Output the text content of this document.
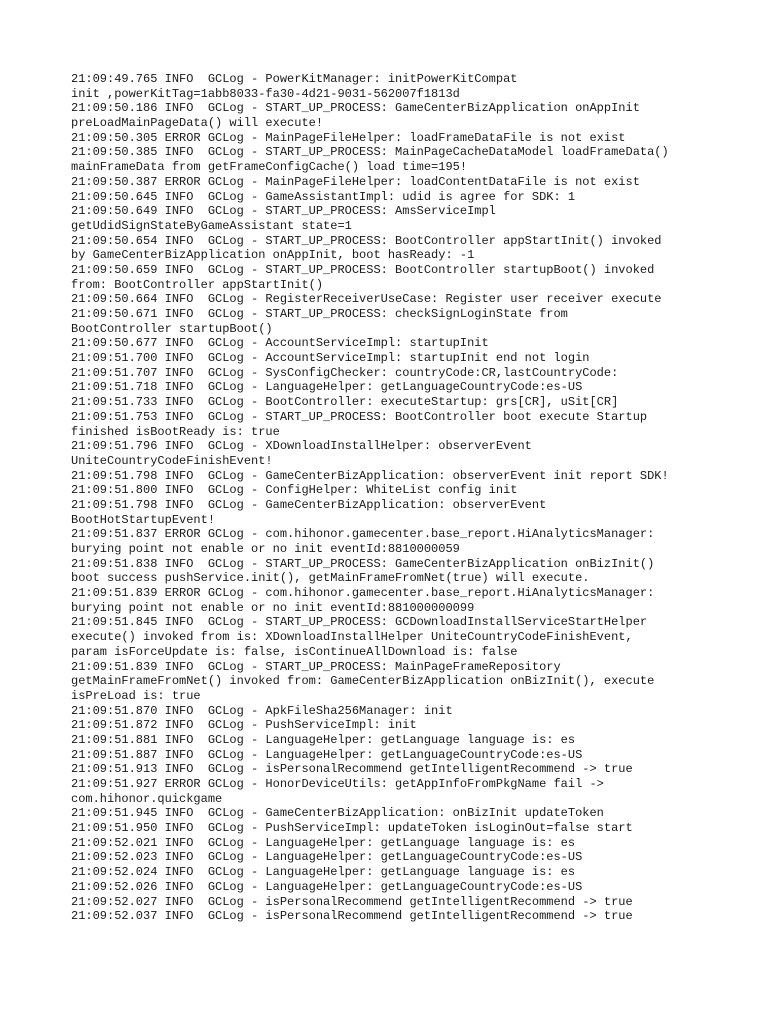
21:09:49.765 INFO  GCLog - PowerKitManager: initPowerKitCompat
init ,powerKitTag=1abb8033-fa30-4d21-9031-562007f1813d
21:09:50.186 INFO  GCLog - START_UP_PROCESS: GameCenterBizApplication onAppInit
preLoadMainPageData() will execute!
21:09:50.305 ERROR GCLog - MainPageFileHelper: loadFrameDataFile is not exist
21:09:50.385 INFO  GCLog - START_UP_PROCESS: MainPageCacheDataModel loadFrameData()
mainFrameData from getFrameConfigCache() load time=195!
21:09:50.387 ERROR GCLog - MainPageFileHelper: loadContentDataFile is not exist
21:09:50.645 INFO  GCLog - GameAssistantImpl: udid is agree for SDK: 1
21:09:50.649 INFO  GCLog - START_UP_PROCESS: AmsServiceImpl
getUdidSignStateByGameAssistant state=1
21:09:50.654 INFO  GCLog - START_UP_PROCESS: BootController appStartInit() invoked
by GameCenterBizApplication onAppInit, boot hasReady: -1
21:09:50.659 INFO  GCLog - START_UP_PROCESS: BootController startupBoot() invoked
from: BootController appStartInit()
21:09:50.664 INFO  GCLog - RegisterReceiverUseCase: Register user receiver execute
21:09:50.671 INFO  GCLog - START_UP_PROCESS: checkSignLoginState from
BootController startupBoot()
21:09:50.677 INFO  GCLog - AccountServiceImpl: startupInit
21:09:51.700 INFO  GCLog - AccountServiceImpl: startupInit end not login
21:09:51.707 INFO  GCLog - SysConfigChecker: countryCode:CR,lastCountryCode:
21:09:51.718 INFO  GCLog - LanguageHelper: getLanguageCountryCode:es-US
21:09:51.733 INFO  GCLog - BootController: executeStartup: grs[CR], uSit[CR]
21:09:51.753 INFO  GCLog - START_UP_PROCESS: BootController boot execute Startup
finished isBootReady is: true
21:09:51.796 INFO  GCLog - XDownloadInstallHelper: observerEvent
UniteCountryCodeFinishEvent!
21:09:51.798 INFO  GCLog - GameCenterBizApplication: observerEvent init report SDK!
21:09:51.800 INFO  GCLog - ConfigHelper: WhiteList config init
21:09:51.798 INFO  GCLog - GameCenterBizApplication: observerEvent
BootHotStartupEvent!
21:09:51.837 ERROR GCLog - com.hihonor.gamecenter.base_report.HiAnalyticsManager:
burying point not enable or no init eventId:8810000059
21:09:51.838 INFO  GCLog - START_UP_PROCESS: GameCenterBizApplication onBizInit()
boot success pushService.init(), getMainFrameFromNet(true) will execute.
21:09:51.839 ERROR GCLog - com.hihonor.gamecenter.base_report.HiAnalyticsManager:
burying point not enable or no init eventId:881000000099
21:09:51.845 INFO  GCLog - START_UP_PROCESS: GCDownloadInstallServiceStartHelper
execute() invoked from is: XDownloadInstallHelper UniteCountryCodeFinishEvent,
param isForceUpdate is: false, isContinueAllDownload is: false
21:09:51.839 INFO  GCLog - START_UP_PROCESS: MainPageFrameRepository
getMainFrameFromNet() invoked from: GameCenterBizApplication onBizInit(), execute
isPreLoad is: true
21:09:51.870 INFO  GCLog - ApkFileSha256Manager: init
21:09:51.872 INFO  GCLog - PushServiceImpl: init
21:09:51.881 INFO  GCLog - LanguageHelper: getLanguage language is: es
21:09:51.887 INFO  GCLog - LanguageHelper: getLanguageCountryCode:es-US
21:09:51.913 INFO  GCLog - isPersonalRecommend getIntelligentRecommend -> true
21:09:51.927 ERROR GCLog - HonorDeviceUtils: getAppInfoFromPkgName fail ->
com.hihonor.quickgame
21:09:51.945 INFO  GCLog - GameCenterBizApplication: onBizInit updateToken
21:09:51.950 INFO  GCLog - PushServiceImpl: updateToken isLoginOut=false start
21:09:52.021 INFO  GCLog - LanguageHelper: getLanguage language is: es
21:09:52.023 INFO  GCLog - LanguageHelper: getLanguageCountryCode:es-US
21:09:52.024 INFO  GCLog - LanguageHelper: getLanguage language is: es
21:09:52.026 INFO  GCLog - LanguageHelper: getLanguageCountryCode:es-US
21:09:52.027 INFO  GCLog - isPersonalRecommend getIntelligentRecommend -> true
21:09:52.037 INFO  GCLog - isPersonalRecommend getIntelligentRecommend -> true
